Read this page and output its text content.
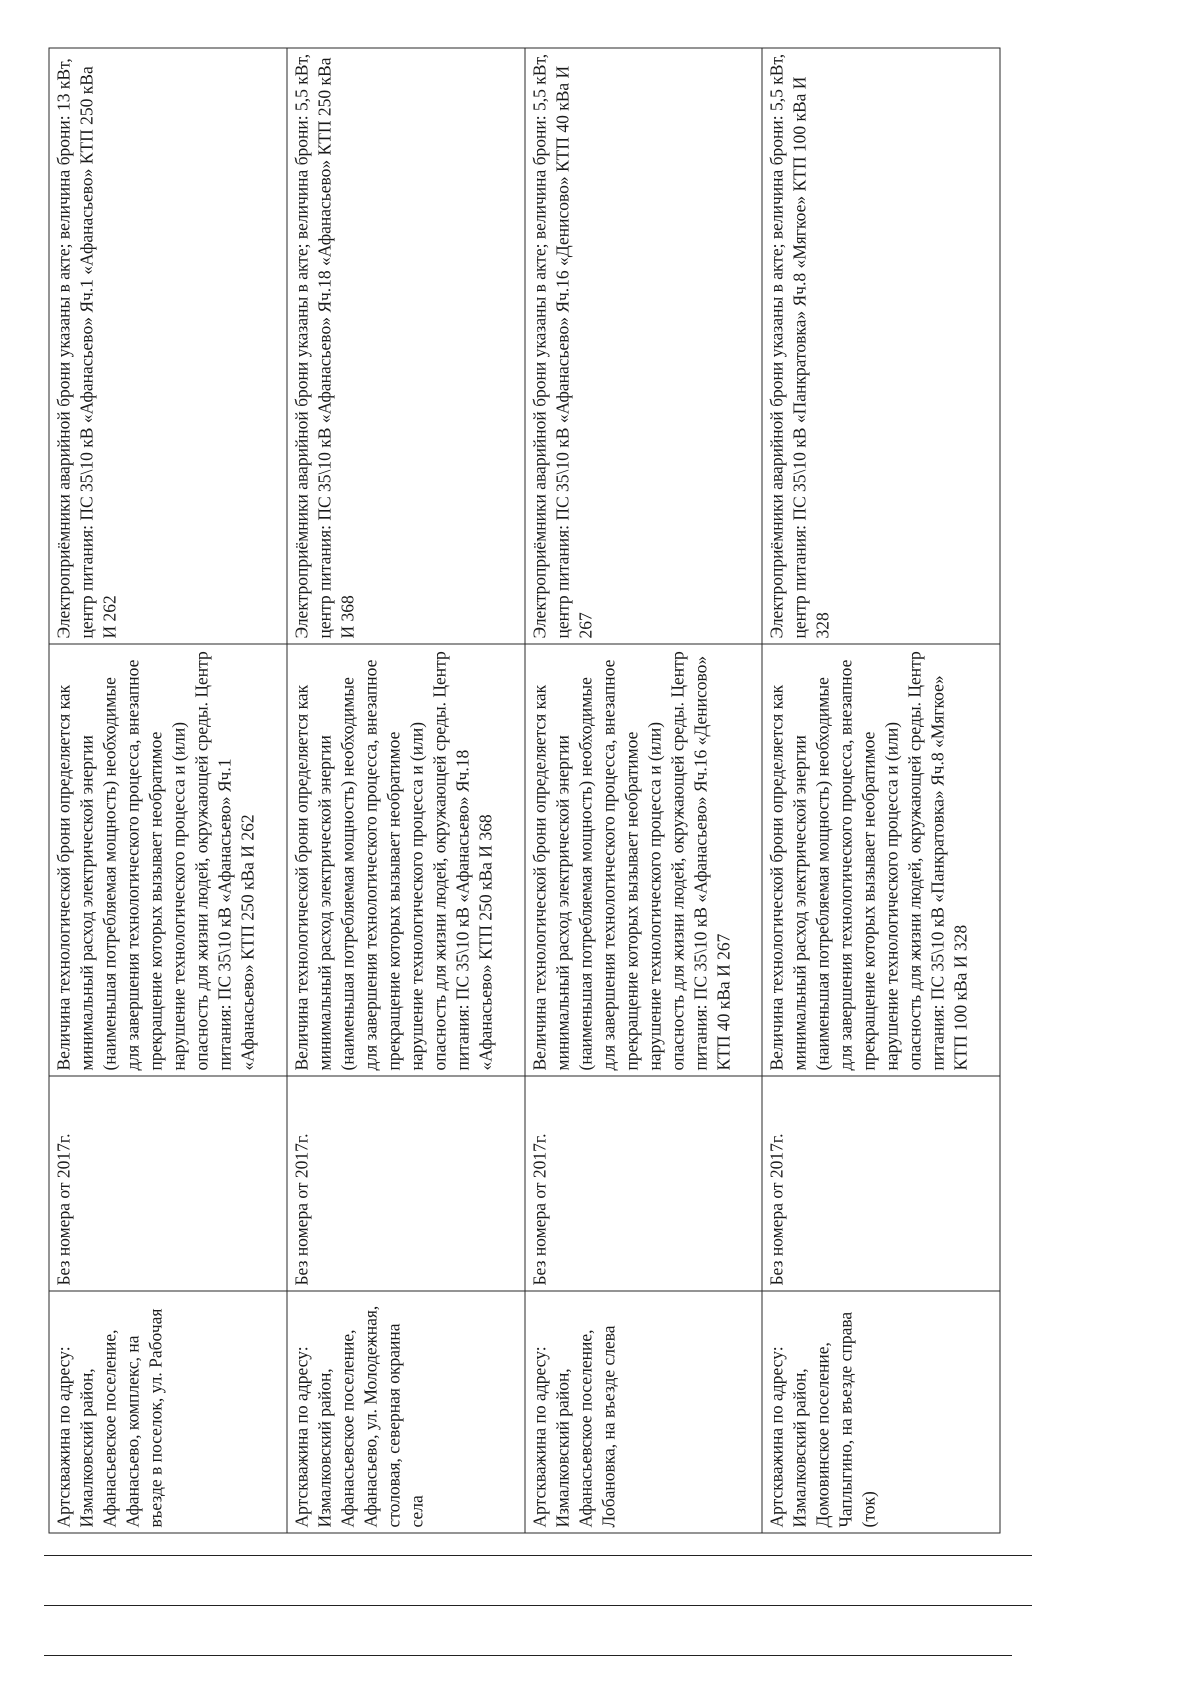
Артскважина по адресу: Измалковский район, Афанасьевское поселение, Афанасьево, комплекс, на въезде в поселок, ул. Рабочая	Без номера от 2017г.	Величина технологической брони определяется как минимальный расход электрической энергии (наименьшая потребляемая мощность) необходимые для завершения технологического процесса, внезапное прекращение которых вызывает необратимое нарушение технологического процесса и (или) опасность для жизни людей, окружающей среды. Центр питания: ПС 35\10 кВ «Афанасьево» Яч.1 «Афанасьево» КТП 250 кВа И 262	Электроприёмники аварийной брони указаны в акте; величина брони: 13 кВт, центр питания: ПС 35\10 кВ «Афанасьево» Яч.1 «Афанасьево» КТП 250 кВа И 262

Артскважина по адресу: Измалковский район, Афанасьевское поселение, Афанасьево, ул. Молодежная, столовая, северная окраина села	Без номера от 2017г.	Величина технологической брони определяется как минимальный расход электрической энергии (наименьшая потребляемая мощность) необходимые для завершения технологического процесса, внезапное прекращение которых вызывает необратимое нарушение технологического процесса и (или) опасность для жизни людей, окружающей среды. Центр питания: ПС 35\10 кВ «Афанасьево» Яч.18 «Афанасьево» КТП 250 кВа И 368	Электроприёмники аварийной брони указаны в акте; величина брони: 5,5 кВт, центр питания: ПС 35\10 кВ «Афанасьево» Яч.18 «Афанасьево» КТП 250 кВа И 368

Артскважина по адресу: Измалковский район, Афанасьевское поселение, Лобановка, на въезде слева	Без номера от 2017г.	Величина технологической брони определяется как минимальный расход электрической энергии (наименьшая потребляемая мощность) необходимые для завершения технологического процесса, внезапное прекращение которых вызывает необратимое нарушение технологического процесса и (или) опасность для жизни людей, окружающей среды. Центр питания: ПС 35\10 кВ «Афанасьево» Яч.16 «Денисово» КТП 40 кВа И 267	Электроприёмники аварийной брони указаны в акте; величина брони: 5,5 кВт, центр питания: ПС 35\10 кВ «Афанасьево» Яч.16 «Денисово» КТП 40 кВа И 267

Артскважина по адресу: Измалковский район, Домовинское поселение, Чаплыгино, на въезде справа (ток)	Без номера от 2017г.	Величина технологической брони определяется как минимальный расход электрической энергии (наименьшая потребляемая мощность) необходимые для завершения технологического процесса, внезапное прекращение которых вызывает необратимое нарушение технологического процесса и (или) опасность для жизни людей, окружающей среды. Центр питания: ПС 35\10 кВ «Панкратовка» Яч.8 «Мягкое» КТП 100 кВа И 328	Электроприёмники аварийной брони указаны в акте; величина брони: 5,5 кВт, центр питания: ПС 35\10 кВ «Панкратовка» Яч.8 «Мягкое» КТП 100 кВа И 328
